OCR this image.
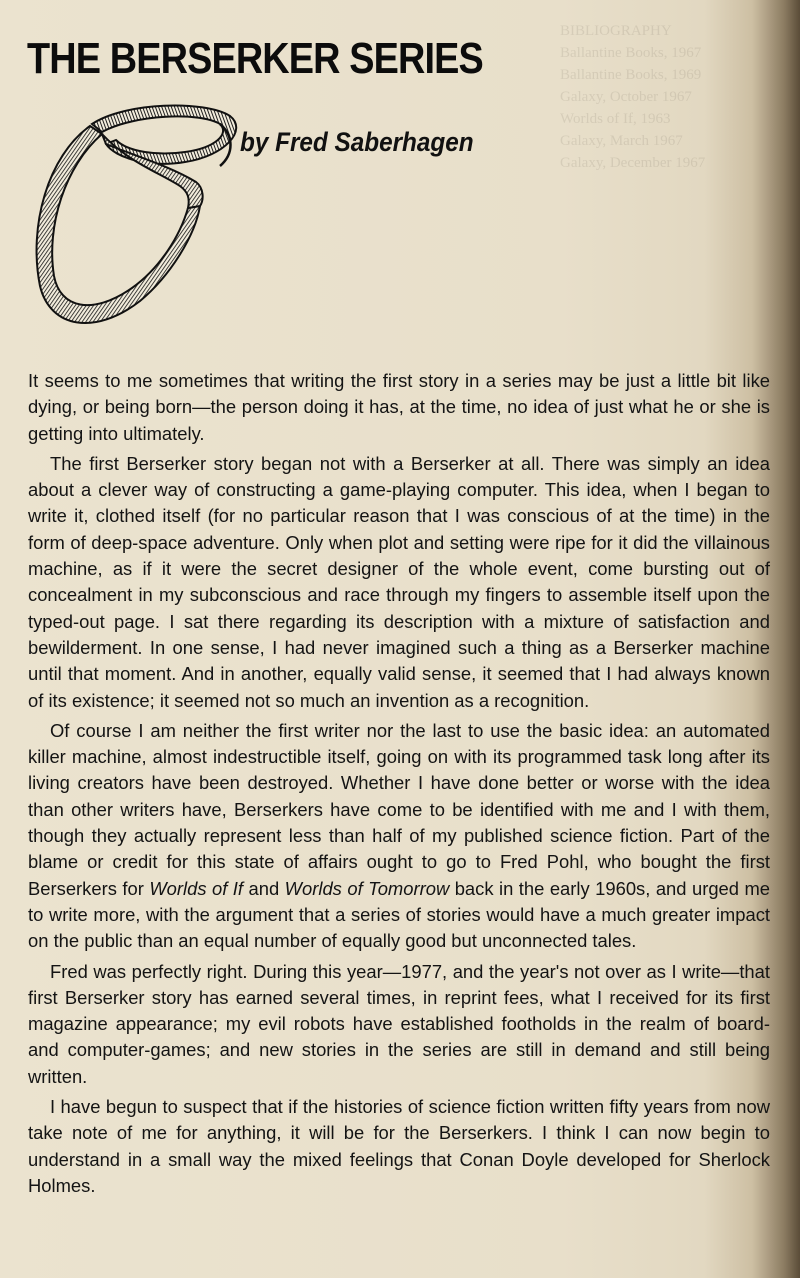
BIBLIOGRAPHY
Ballantine Books, 1967
Ballantine Books, 1969
Galaxy, October 1967
Worlds of If, 1963
Galaxy, March 1967
Galaxy, December 1967
THE BERSERKER SERIES
by Fred Saberhagen

It seems to me sometimes that writing the first story in a series may be just a little bit like dying, or being born—the person doing it has, at the time, no idea of just what he or she is getting into ultimately.

The first Berserker story began not with a Berserker at all. There was simply an idea about a clever way of constructing a game-playing computer. This idea, when I began to write it, clothed itself (for no particular reason that I was conscious of at the time) in the form of deep-space adventure. Only when plot and setting were ripe for it did the villainous machine, as if it were the secret designer of the whole event, come bursting out of concealment in my subconscious and race through my fingers to assemble itself upon the typed-out page. I sat there regarding its description with a mixture of satisfaction and bewilderment. In one sense, I had never imagined such a thing as a Berserker machine until that moment. And in another, equally valid sense, it seemed that I had always known of its existence; it seemed not so much an invention as a recognition.

Of course I am neither the first writer nor the last to use the basic idea: an automated killer machine, almost indestructible itself, going on with its programmed task long after its living creators have been destroyed. Whether I have done better or worse with the idea than other writers have, Berserkers have come to be identified with me and I with them, though they actually represent less than half of my published science fiction. Part of the blame or credit for this state of affairs ought to go to Fred Pohl, who bought the first Berserkers for Worlds of If and Worlds of Tomorrow back in the early 1960s, and urged me to write more, with the argument that a series of stories would have a much greater impact on the public than an equal number of equally good but unconnected tales.

Fred was perfectly right. During this year—1977, and the year's not over as I write—that first Berserker story has earned several times, in reprint fees, what I received for its first magazine appearance; my evil robots have established footholds in the realm of board- and computer-games; and new stories in the series are still in demand and still being written.

I have begun to suspect that if the histories of science fiction written fifty years from now take note of me for anything, it will be for the Berserkers. I think I can now begin to understand in a small way the mixed feelings that Conan Doyle developed for Sherlock Holmes.
